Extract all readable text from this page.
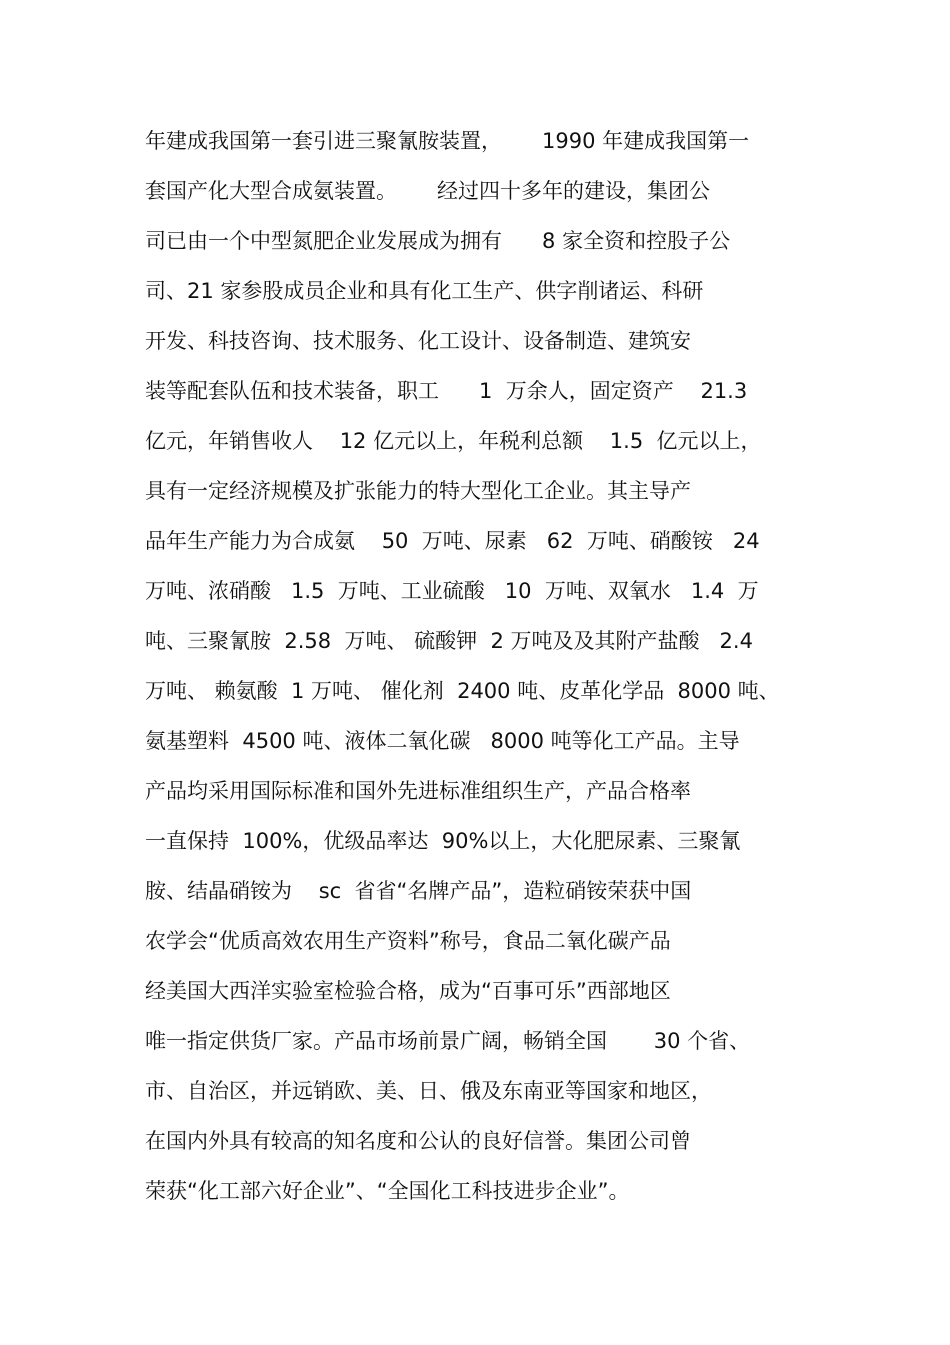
年建成我国第一套引进三聚氰胺装置，      1990 年建成我国第一
套国产化大型合成氨装置。      经过四十多年的建设，集团公
司已由一个中型氮肥企业发展成为拥有      8 家全资和控股子公
司、21 家参股成员企业和具有化工生产、供字削诸运、科研
开发、科技咨询、技术服务、化工设计、设备制造、建筑安
装等配套队伍和技术装备，职工      1  万余人，固定资产    21.3
亿元，年销售收人    12 亿元以上，年税利总额    1.5  亿元以上，
具有一定经济规模及扩张能力的特大型化工企业。其主导产
品年生产能力为合成氨    50  万吨、尿素   62  万吨、硝酸铵   24
万吨、浓硝酸   1.5  万吨、工业硫酸   10  万吨、双氧水   1.4  万
吨、三聚氰胺  2.58  万吨、 硫酸钾  2 万吨及及其附产盐酸   2.4
万吨、 赖氨酸  1 万吨、 催化剂  2400 吨、皮革化学品  8000 吨、
氨基塑料  4500 吨、液体二氧化碳   8000 吨等化工产品。主导
产品均采用国际标准和国外先进标准组织生产，产品合格率
一直保持  100%，优级品率达  90%以上，大化肥尿素、三聚氰
胺、结晶硝铵为    sc  省省“名牌产品”，造粒硝铵荣获中国
农学会“优质高效农用生产资料”称号，食品二氧化碳产品
经美国大西洋实验室检验合格，成为“百事可乐”西部地区
唯一指定供货厂家。产品市场前景广阔，畅销全国       30 个省、
市、自治区，并远销欧、美、日、俄及东南亚等国家和地区，
在国内外具有较高的知名度和公认的良好信誉。集团公司曾
荣获“化工部六好企业”、“全国化工科技进步企业”。
